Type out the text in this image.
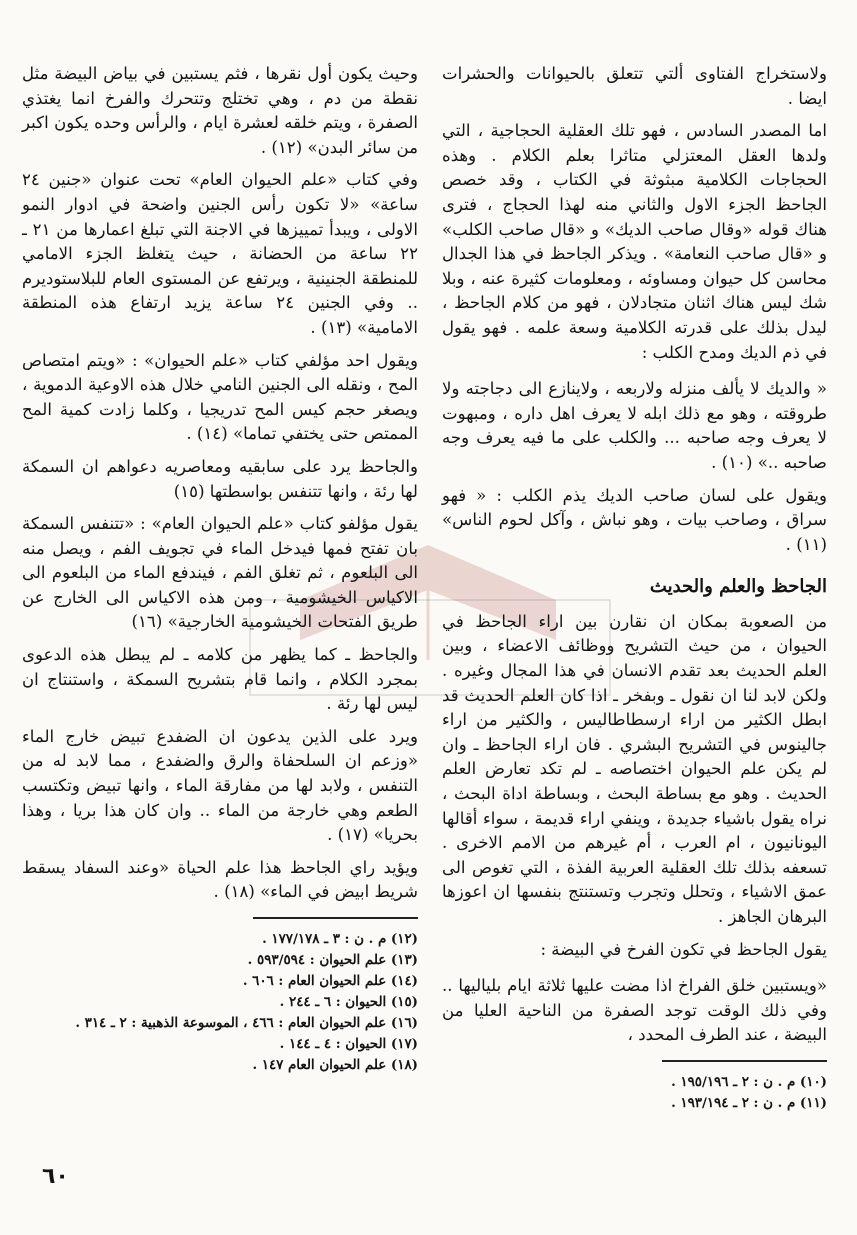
ولاستخراج الفتاوى ألتي تتعلق بالحيوانات والحشرات ايضا .

اما المصدر السادس ، فهو تلك العقلية الحجاجية ، التي ولدها العقل المعتزلي متاثرا بعلم الكلام . وهذه الحجاجات الكلامية مبثوثة في الكتاب ، وقد خصص الجاحظ الجزء الاول والثاني منه لهذا الحجاج ، فترى هناك قوله «وقال صاحب الديك» و «قال صاحب الكلب» و «قال صاحب النعامة» . ويذكر الجاحظ في هذا الجدال محاسن كل حيوان ومساوئه ، ومعلومات كثيرة عنه ، وبلا شك ليس هناك اثنان متجادلان ، فهو من كلام الجاحظ ، ليدل بذلك على قدرته الكلامية وسعة علمه . فهو يقول في ذم الديك ومدح الكلب :

« والديك لا يألف منزله ولاربعه ، ولاينازع الى دجاجته ولا طروقته ، وهو مع ذلك ابله لا يعرف اهل داره ، ومبهوت لا يعرف وجه صاحبه ... والكلب على ما فيه يعرف وجه صاحبه ..» (١٠) .

ويقول على لسان صاحب الديك يذم الكلب : « فهو سراق ، وصاحب بيات ، وهو نباش ، وآكل لحوم الناس» (١١) .

الجاحظ والعلم والحديث

من الصعوبة بمكان ان نقارن بين اراء الجاحظ في الحيوان ، من حيث التشريح ووظائف الاعضاء ، وبين العلم الحديث بعد تقدم الانسان في هذا المجال وغيره . ولكن لابد لنا ان نقول ـ وبفخر ـ اذا كان العلم الحديث قد ابطل الكثير من اراء ارسطاطاليس ، والكثير من اراء جالينوس في التشريح البشري . فان اراء الجاحظ ـ وان لم يكن علم الحيوان اختصاصه ـ لم تكد تعارض العلم الحديث . وهو مع بساطة البحث ، وبساطة اداة البحث ، نراه يقول باشياء جديدة ، وينفي اراء قديمة ، سواء أقالها اليونانيون ، ام العرب ، أم غيرهم من الامم الاخرى . تسعفه بذلك تلك العقلية العربية الفذة ، التي تغوص الى عمق الاشياء ، وتحلل وتجرب وتستنتج بنفسها ان اعوزها البرهان الجاهز .

يقول الجاحظ في تكون الفرخ في البيضة :

«ويستبين خلق الفراخ اذا مضت عليها ثلاثة ايام بلياليها .. وفي ذلك الوقت توجد الصفرة من الناحية العليا من البيضة ، عند الطرف المحدد ،

(١٠) م . ن : ٢ ـ ١٩٥/١٩٦ .
(١١) م . ن : ٢ ـ ١٩٣/١٩٤ .

وحيث يكون أول نقرها ، فثم يستبين في بياض البيضة مثل نقطة من دم ، وهي تختلج وتتحرك والفرخ انما يغتذي الصفرة ، ويتم خلقه لعشرة ايام ، والرأس وحده يكون اكبر من سائر البدن» (١٢) .

وفي كتاب «علم الحيوان العام» تحت عنوان «جنين ٢٤ ساعة» «لا تكون رأس الجنين واضحة في ادوار النمو الاولى ، ويبدأ تمييزها في الاجنة التي تبلغ اعمارها من ٢١ ـ ٢٢ ساعة من الحضانة ، حيث يتغلظ الجزء الامامي للمنطقة الجنينية ، ويرتفع عن المستوى العام للبلاستوديرم .. وفي الجنين ٢٤ ساعة يزيد ارتفاع هذه المنطقة الامامية» (١٣) .

ويقول احد مؤلفي كتاب «علم الحيوان» : «ويتم امتصاص المح ، ونقله الى الجنين النامي خلال هذه الاوعية الدموية ، ويصغر حجم كيس المح تدريجيا ، وكلما زادت كمية المح الممتص حتى يختفي تماما» (١٤) .

والجاحظ يرد على سابقيه ومعاصريه دعواهم ان السمكة لها رئة ، وانها تتنفس بواسطتها (١٥)

يقول مؤلفو كتاب «علم الحيوان العام» : «تتنفس السمكة بان تفتح فمها فيدخل الماء في تجويف الفم ، ويصل منه الى البلعوم ، ثم تغلق الفم ، فيندفع الماء من البلعوم الى الاكياس الخيشومية ، ومن هذه الاكياس الى الخارج عن طريق الفتحات الخيشومية الخارجية» (١٦)

والجاحظ ـ كما يظهر من كلامه ـ لم يبطل هذه الدعوى بمجرد الكلام ، وانما قام بتشريح السمكة ، واستنتاج ان ليس لها رئة .

ويرد على الذين يدعون ان الضفدع تبيض خارج الماء «وزعم ان السلحفاة والرق والضفدع ، مما لابد له من التنفس ، ولابد لها من مفارقة الماء ، وانها تبيض وتكتسب الطعم وهي خارجة من الماء .. وان كان هذا بريا ، وهذا بحريا» (١٧) .

ويؤيد راي الجاحظ هذا علم الحياة «وعند السفاد يسقط شريط ابيض في الماء» (١٨) .

(١٢) م . ن : ٣ ـ ١٧٧/١٧٨ .
(١٣) علم الحيوان : ٥٩٣/٥٩٤ .
(١٤) علم الحيوان العام : ٦٠٦ .
(١٥) الحيوان : ٦ ـ ٢٤٤ .
(١٦) علم الحيوان العام : ٤٦٦ ، الموسوعة الذهبية : ٢ ـ ٣١٤ .
(١٧) الحيوان : ٤ ـ ١٤٤ .
(١٨) علم الحيوان العام ١٤٧ .
٦٠
